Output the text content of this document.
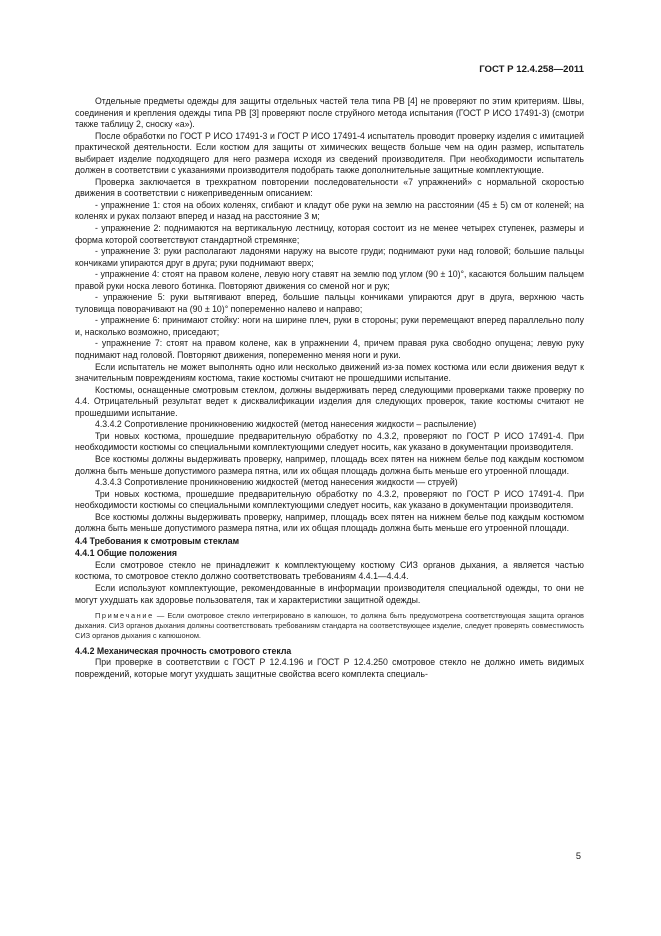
ГОСТ Р 12.4.258—2011

Отдельные предметы одежды для защиты отдельных частей тела типа PB [4] не проверяют по этим критериям. Швы, соединения и крепления одежды типа PB [3] проверяют после струйного метода испытания (ГОСТ Р ИСО 17491-3) (смотри также таблицу 2, сноску «а»).

После обработки по ГОСТ Р ИСО 17491-3 и ГОСТ Р ИСО 17491-4 испытатель проводит проверку изделия с имитацией практической деятельности. Если костюм для защиты от химических веществ больше чем на один размер, испытатель выбирает изделие подходящего для него размера исходя из сведений производителя. При необходимости испытатель должен в соответствии с указаниями производителя подобрать также дополнительные защитные комплектующие.

Проверка заключается в трехкратном повторении последовательности «7 упражнений» с нормальной скоростью движения в соответствии с нижеприведенным описанием:

- упражнение 1: стоя на обоих коленях, сгибают и кладут обе руки на землю на расстоянии (45 ± 5) см от коленей; на коленях и руках ползают вперед и назад на расстояние 3 м;

- упражнение 2: поднимаются на вертикальную лестницу, которая состоит из не менее четырех ступенек, размеры и форма которой соответствуют стандартной стремянке;

- упражнение 3: руки располагают ладонями наружу на высоте груди; поднимают руки над головой; большие пальцы кончиками упираются друг в друга; руки поднимают вверх;

- упражнение 4: стоят на правом колене, левую ногу ставят на землю под углом (90 ± 10)°, касаются большим пальцем правой руки носка левого ботинка. Повторяют движения со сменой ног и рук;

- упражнение 5: руки вытягивают вперед, большие пальцы кончиками упираются друг в друга, верхнюю часть туловища поворачивают на (90 ± 10)° попеременно налево и направо;

- упражнение 6: принимают стойку: ноги на ширине плеч, руки в стороны; руки перемещают вперед параллельно полу и, насколько возможно, приседают;

- упражнение 7: стоят на правом колене, как в упражнении 4, причем правая рука свободно опущена; левую руку поднимают над головой. Повторяют движения, попеременно меняя ноги и руки.

Если испытатель не может выполнять одно или несколько движений из-за помех костюма или если движения ведут к значительным повреждениям костюма, такие костюмы считают не прошедшими испытание.

Костюмы, оснащенные смотровым стеклом, должны выдерживать перед следующими проверками также проверку по 4.4. Отрицательный результат ведет к дисквалификации изделия для следующих проверок, такие костюмы считают не прошедшими испытание.

4.3.4.2 Сопротивление проникновению жидкостей (метод нанесения жидкости – распыление)

Три новых костюма, прошедшие предварительную обработку по 4.3.2, проверяют по ГОСТ Р ИСО 17491-4. При необходимости костюмы со специальными комплектующими следует носить, как указано в документации производителя.

Все костюмы должны выдерживать проверку, например, площадь всех пятен на нижнем белье под каждым костюмом должна быть меньше допустимого размера пятна, или их общая площадь должна быть меньше его утроенной площади.

4.3.4.3 Сопротивление проникновению жидкостей (метод нанесения жидкости — струей)

Три новых костюма, прошедшие предварительную обработку по 4.3.2, проверяют по ГОСТ Р ИСО 17491-4. При необходимости костюмы со специальными комплектующими следует носить, как указано в документации производителя.

Все костюмы должны выдерживать проверку, например, площадь всех пятен на нижнем белье под каждым костюмом должна быть меньше допустимого размера пятна, или их общая площадь должна быть меньше его утроенной площади.

4.4 Требования к смотровым стеклам

4.4.1 Общие положения

Если смотровое стекло не принадлежит к комплектующему костюму СИЗ органов дыхания, а является частью костюма, то смотровое стекло должно соответствовать требованиям 4.4.1—4.4.4.

Если используют комплектующие, рекомендованные в информации производителя специальной одежды, то они не могут ухудшать как здоровье пользователя, так и характеристики защитной одежды.

Примечание — Если смотровое стекло интегрировано в капюшон, то должна быть предусмотрена соответствующая защита органов дыхания. СИЗ органов дыхания должны соответствовать требованиям стандарта на соответствующее изделие, следует проверять совместимость СИЗ органов дыхания с капюшоном.

4.4.2 Механическая прочность смотрового стекла

При проверке в соответствии с ГОСТ Р 12.4.196 и ГОСТ Р 12.4.250 смотровое стекло не должно иметь видимых повреждений, которые могут ухудшать защитные свойства всего комплекта специаль-

5
